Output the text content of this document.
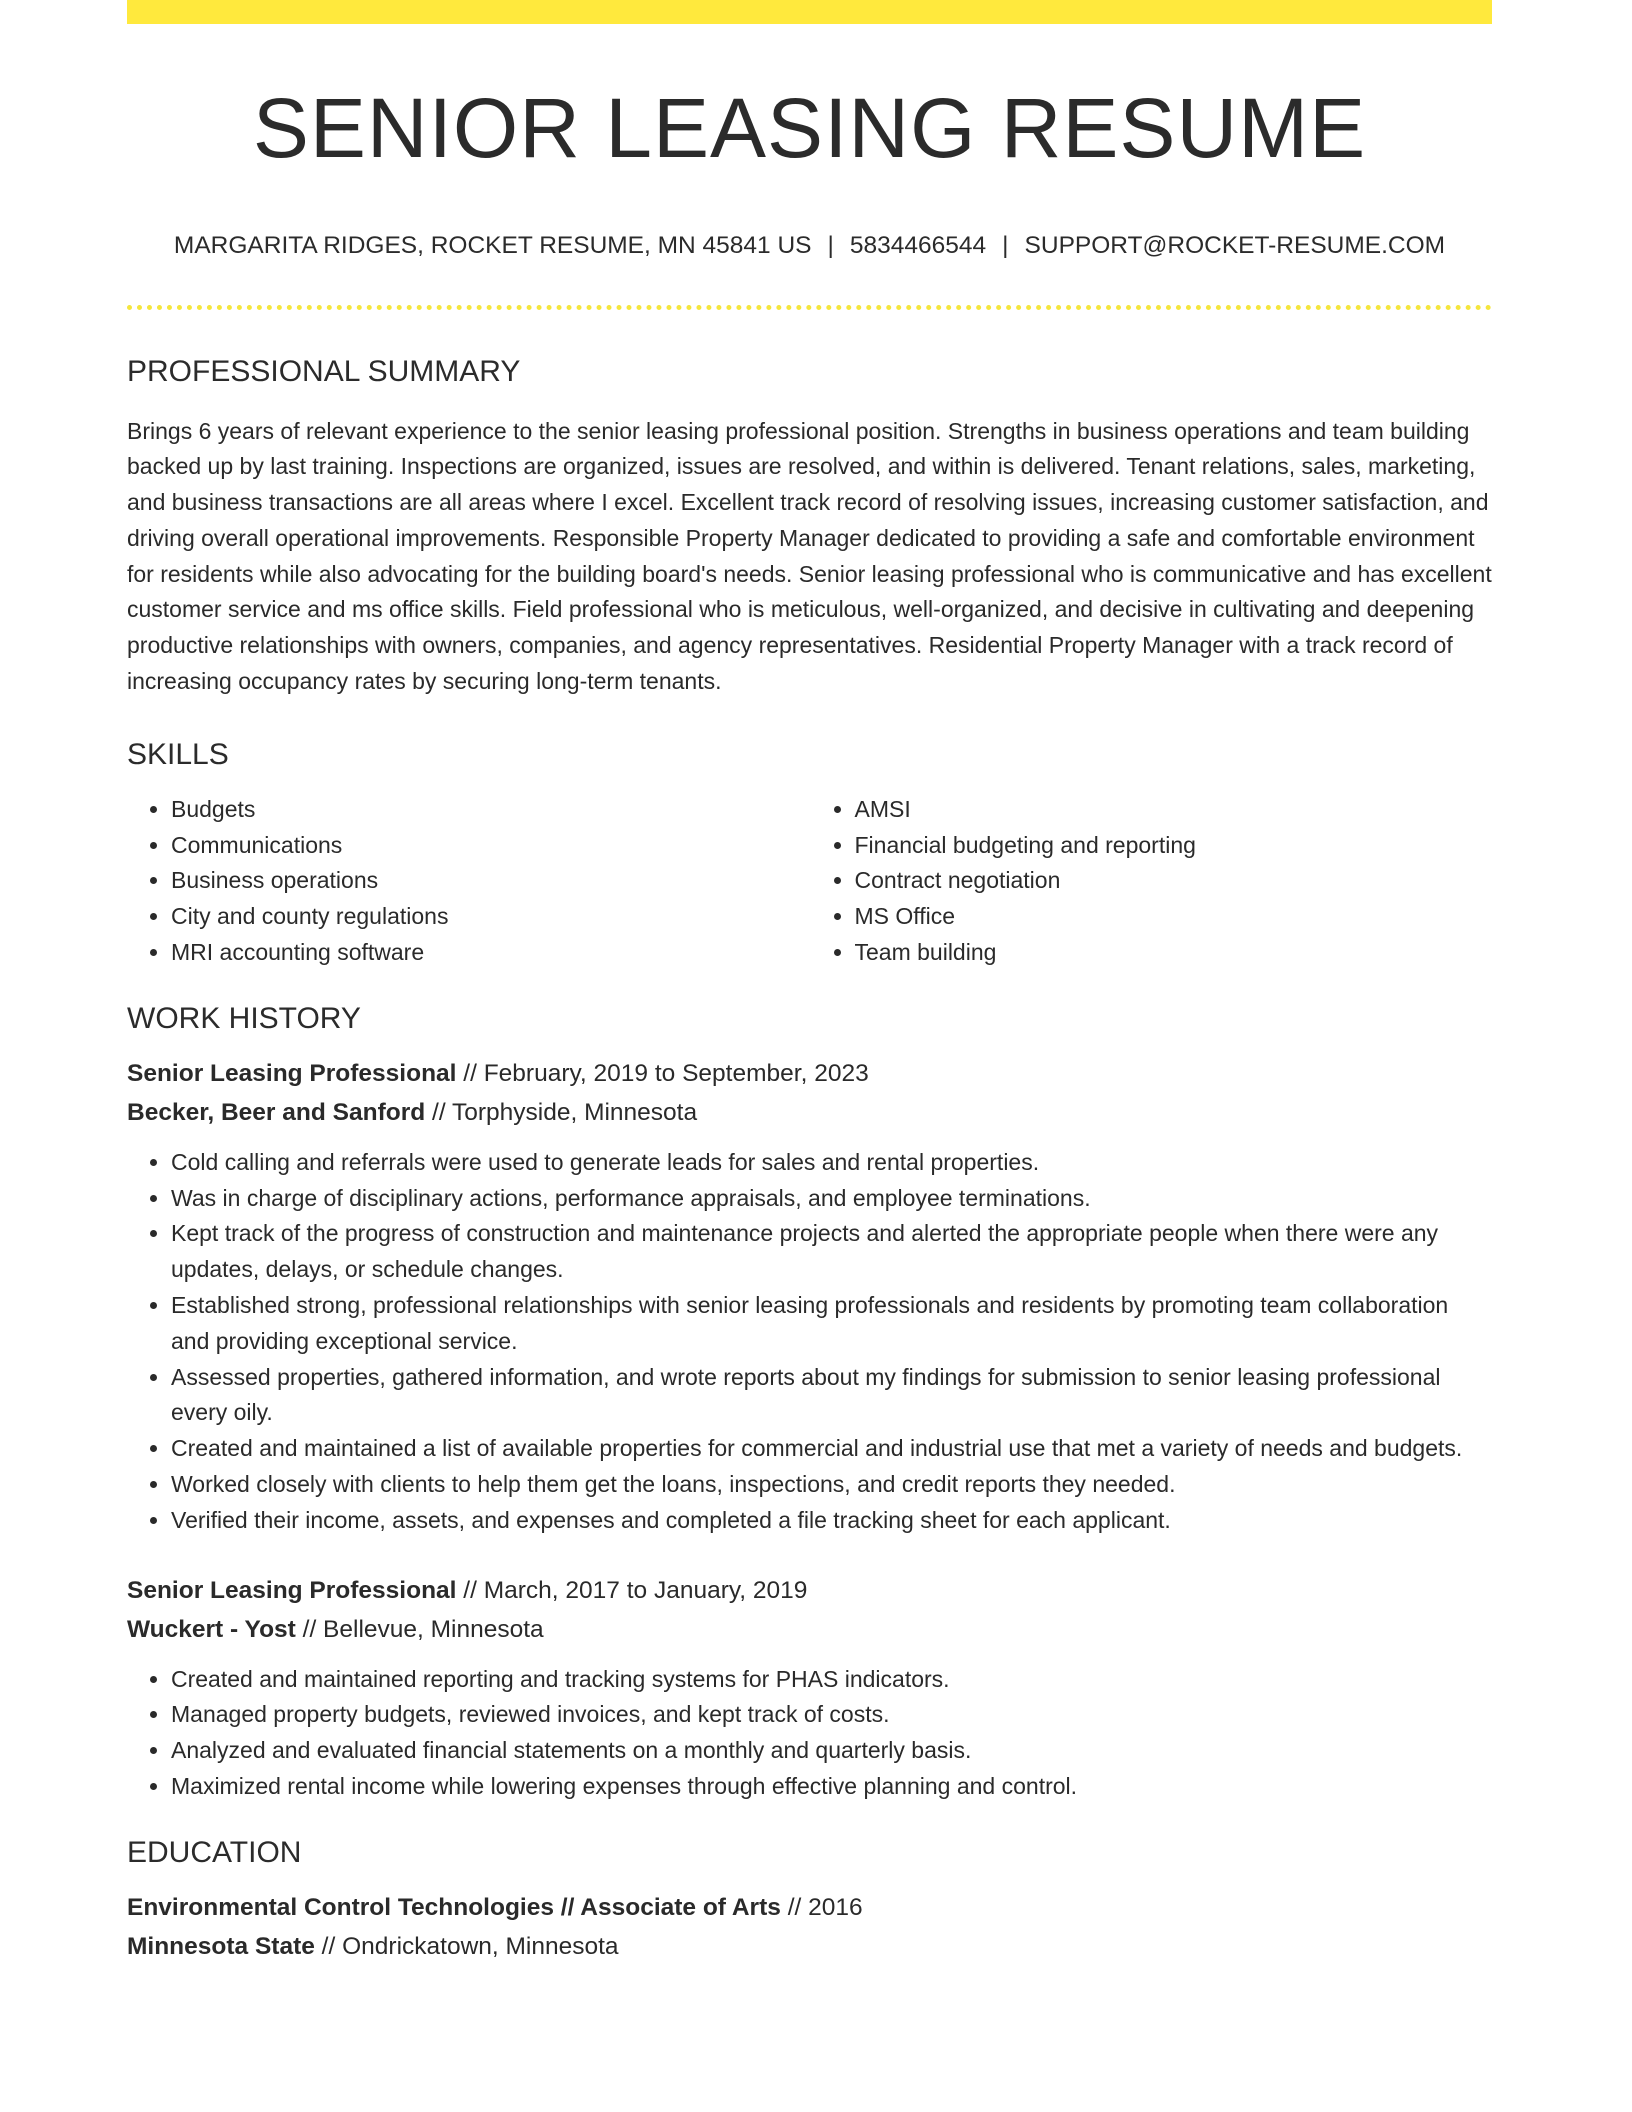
SENIOR LEASING RESUME
MARGARITA RIDGES, ROCKET RESUME, MN 45841 US | 5834466544 | SUPPORT@ROCKET-RESUME.COM
PROFESSIONAL SUMMARY

Brings 6 years of relevant experience to the senior leasing professional position. Strengths in business operations and team building backed up by last training. Inspections are organized, issues are resolved, and within is delivered. Tenant relations, sales, marketing, and business transactions are all areas where I excel. Excellent track record of resolving issues, increasing customer satisfaction, and driving overall operational improvements. Responsible Property Manager dedicated to providing a safe and comfortable environment for residents while also advocating for the building board's needs. Senior leasing professional who is communicative and has excellent customer service and ms office skills. Field professional who is meticulous, well-organized, and decisive in cultivating and deepening productive relationships with owners, companies, and agency representatives. Residential Property Manager with a track record of increasing occupancy rates by securing long-term tenants.

SKILLS
• Budgets
• Communications
• Business operations
• City and county regulations
• MRI accounting software
• AMSI
• Financial budgeting and reporting
• Contract negotiation
• MS Office
• Team building
WORK HISTORY
Senior Leasing Professional // February, 2019 to September, 2023
Becker, Beer and Sanford // Torphyside, Minnesota
• Cold calling and referrals were used to generate leads for sales and rental properties.
• Was in charge of disciplinary actions, performance appraisals, and employee terminations.
• Kept track of the progress of construction and maintenance projects and alerted the appropriate people when there were any updates, delays, or schedule changes.
• Established strong, professional relationships with senior leasing professionals and residents by promoting team collaboration and providing exceptional service.
• Assessed properties, gathered information, and wrote reports about my findings for submission to senior leasing professional every oily.
• Created and maintained a list of available properties for commercial and industrial use that met a variety of needs and budgets.
• Worked closely with clients to help them get the loans, inspections, and credit reports they needed.
• Verified their income, assets, and expenses and completed a file tracking sheet for each applicant.
Senior Leasing Professional // March, 2017 to January, 2019
Wuckert - Yost // Bellevue, Minnesota
• Created and maintained reporting and tracking systems for PHAS indicators.
• Managed property budgets, reviewed invoices, and kept track of costs.
• Analyzed and evaluated financial statements on a monthly and quarterly basis.
• Maximized rental income while lowering expenses through effective planning and control.
EDUCATION
Environmental Control Technologies // Associate of Arts // 2016
Minnesota State // Ondrickatown, Minnesota
